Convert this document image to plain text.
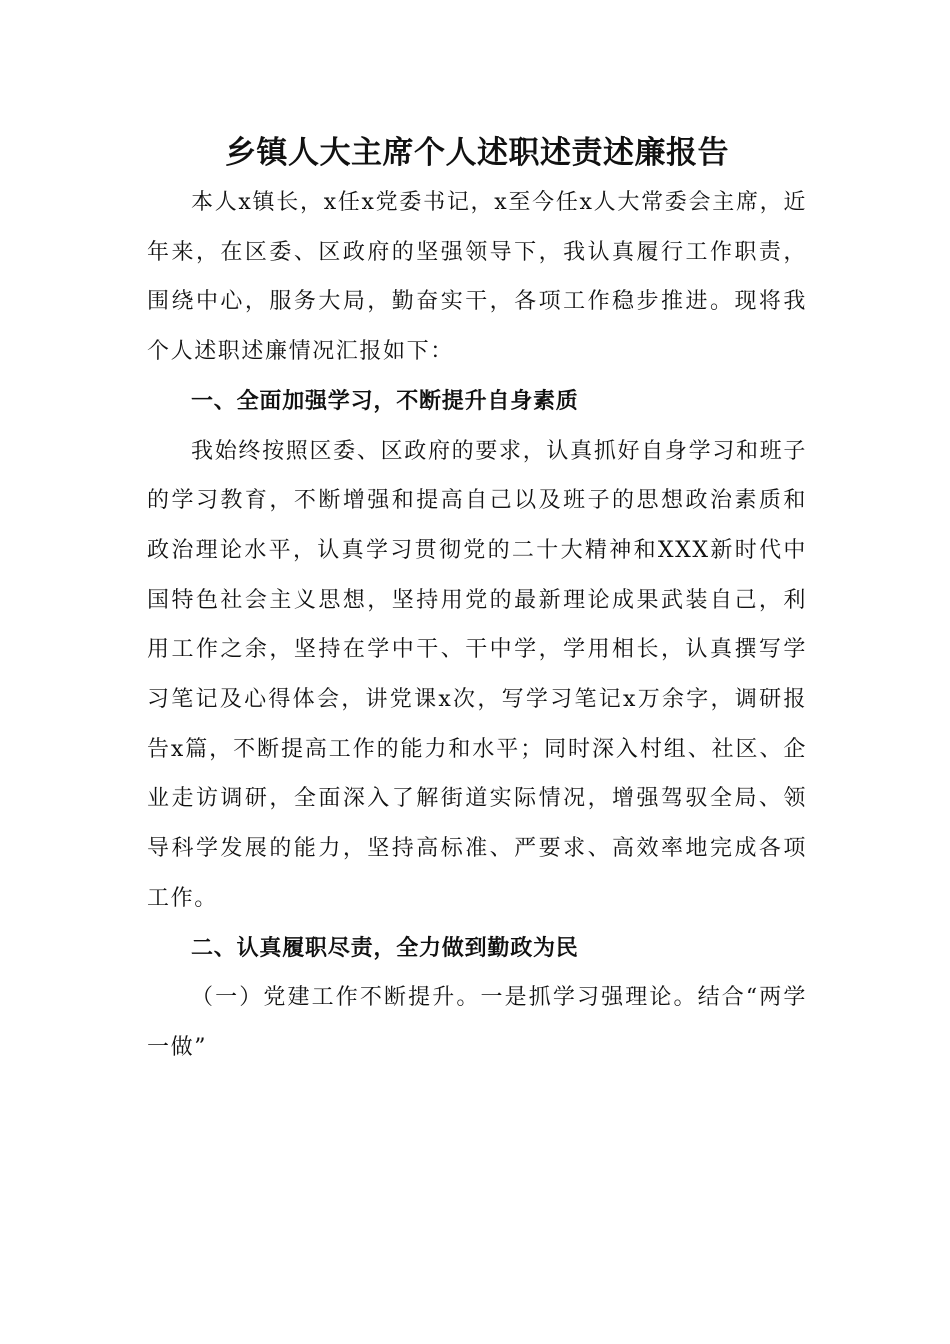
乡镇人大主席个人述职述责述廉报告

本人x镇长，x任x党委书记，x至今任x人大常委会主席，近年来，在区委、区政府的坚强领导下，我认真履行工作职责，围绕中心，服务大局，勤奋实干，各项工作稳步推进。现将我个人述职述廉情况汇报如下：

一、全面加强学习，不断提升自身素质

我始终按照区委、区政府的要求，认真抓好自身学习和班子的学习教育，不断增强和提高自己以及班子的思想政治素质和政治理论水平，认真学习贯彻党的二十大精神和XXX新时代中国特色社会主义思想，坚持用党的最新理论成果武装自己，利用工作之余，坚持在学中干、干中学，学用相长，认真撰写学习笔记及心得体会，讲党课x次，写学习笔记x万余字，调研报告x篇，不断提高工作的能力和水平；同时深入村组、社区、企业走访调研，全面深入了解街道实际情况，增强驾驭全局、领导科学发展的能力，坚持高标准、严要求、高效率地完成各项工作。

二、认真履职尽责，全力做到勤政为民

（一）党建工作不断提升。一是抓学习强理论。结合“两学一做”
